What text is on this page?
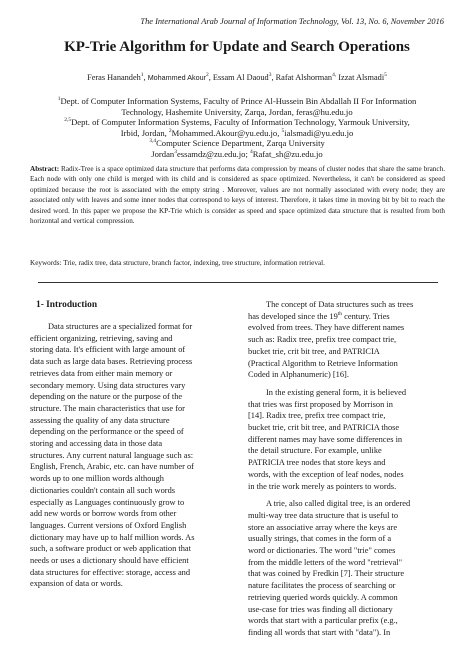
The International Arab Journal of Information Technology, Vol. 13, No. 6, November 2016
KP-Trie Algorithm for Update and Search Operations
Feras Hanandeh$^1$, Mohammed Akour$^2$, Essam Al Daoud$^3$, Rafat Alshorman$^{4,}$ Izzat Alsmadi$^5$
$^1$Dept. of Computer Information Systems, Faculty of Prince Al-Hussein Bin Abdallah II For Information
Technology, Hashemite University, Zarqa, Jordan, feras@hu.edu.jo
$^{2,5}$Dept. of Computer Information Systems, Faculty of Information Technology, Yarmouk University,
Irbid, Jordan, $^2$Mohammed.Akour@yu.edu.jo, $^5$ialsmadi@yu.edu.jo
$^{3,4}$Computer Science Department, Zarqa University
Jordan$^3$essamdz@zu.edu.jo; $^4$Rafat_sh@zu.edu.jo
Abstract: Radix-Tree is a space optimized data structure that performs data compression by means of cluster nodes that share the same branch. Each node with only one child is merged with its child and is considered as space optimized. Nevertheless, it can't be considered as speed optimized because the root is associated with the empty string . Moreover, values are not normally associated with every node; they are associated only with leaves and some inner nodes that correspond to keys of interest. Therefore, it takes time in moving bit by bit to reach the desired word. In this paper we propose the KP-Trie which is consider as speed and space optimized data structure that is resulted from both horizontal and vertical compression.
Keywords: Trie, radix tree, data structure, branch factor, indexing, tree structure, information retrieval.
1- Introduction

Data structures are a specialized format for
efficient organizing, retrieving, saving and
storing data. It's efficient with large amount of
data such as large data bases. Retrieving process
retrieves data from either main memory or
secondary memory. Using data structures vary
depending on the nature or the purpose of the
structure. The main characteristics that use for
assessing the quality of any data structure
depending on the performance or the speed of
storing and accessing data in those data
structures. Any current natural language such as:
English, French, Arabic, etc. can have number of
words up to one million words although
dictionaries couldn't contain all such words
especially as Languages continuously grow to
add new words or borrow words from other
languages. Current versions of Oxford English
dictionary may have up to half million words. As
such, a software product or web application that
needs or uses a dictionary should have efficient
data structures for effective: storage, access and
expansion of data or words.

The concept of Data structures such as trees
has developed since the 19th century. Tries
evolved from trees. They have different names
such as: Radix tree, prefix tree compact trie,
bucket trie, crit bit tree, and PATRICIA
(Practical Algorithm to Retrieve Information
Coded in Alphanumeric) [16].

In the existing general form, it is believed
that tries was first proposed by Morrison in
[14]. Radix tree, prefix tree compact trie,
bucket trie, crit bit tree, and PATRICIA those
different names may have some differences in
the detail structure. For example, unlike
PATRICIA tree nodes that store keys and
words, with the exception of leaf nodes, nodes
in the trie work merely as pointers to words.

A trie, also called digital tree, is an ordered
multi-way tree data structure that is useful to
store an associative array where the keys are
usually strings, that comes in the form of a
word or dictionaries. The word "trie" comes
from the middle letters of the word "retrieval"
that was coined by Fredkin [7]. Their structure
nature facilitates the process of searching or
retrieving queried words quickly. A common
use-case for tries was finding all dictionary
words that start with a particular prefix (e.g.,
finding all words that start with "data"). In
